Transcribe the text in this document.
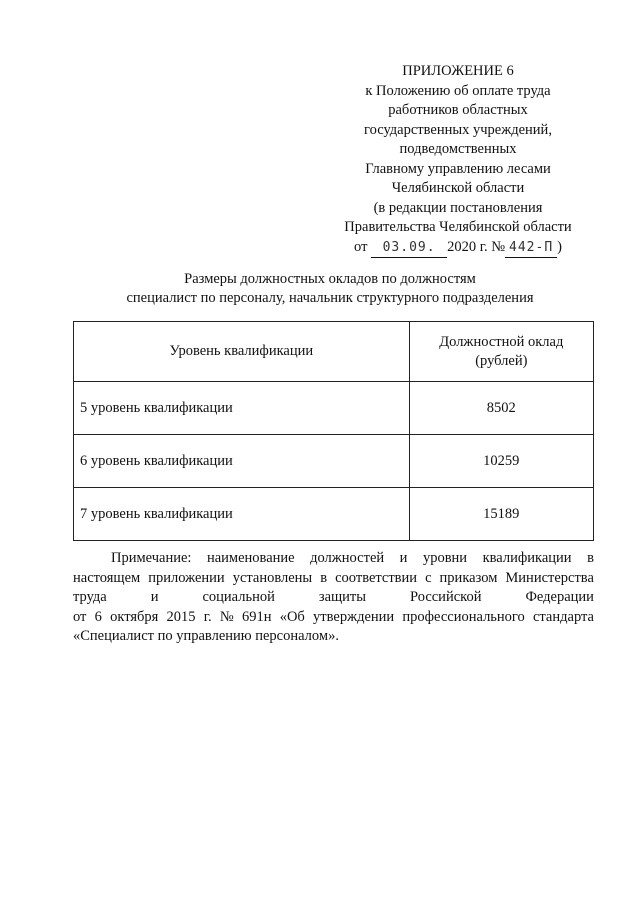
ПРИЛОЖЕНИЕ 6
к Положению об оплате труда
работников областных
государственных учреждений,
подведомственных
Главному управлению лесами
Челябинской области
(в редакции постановления
Правительства Челябинской области
от 03.09. 2020 г. № 442-П )
Размеры должностных окладов по должностям
специалист по персоналу, начальник структурного подразделения
Уровень квалификации	Должностной оклад
(рублей)

5 уровень квалификации	8502
6 уровень квалификации	10259
7 уровень квалификации	15189
Примечание: наименование должностей и уровни квалификации в
настоящем приложении установлены в соответствии с приказом Министерства
труда	и	социальной	защиты	Российской	Федерации
от 6 октября 2015 г. № 691н «Об утверждении профессионального стандарта
«Специалист по управлению персоналом».
